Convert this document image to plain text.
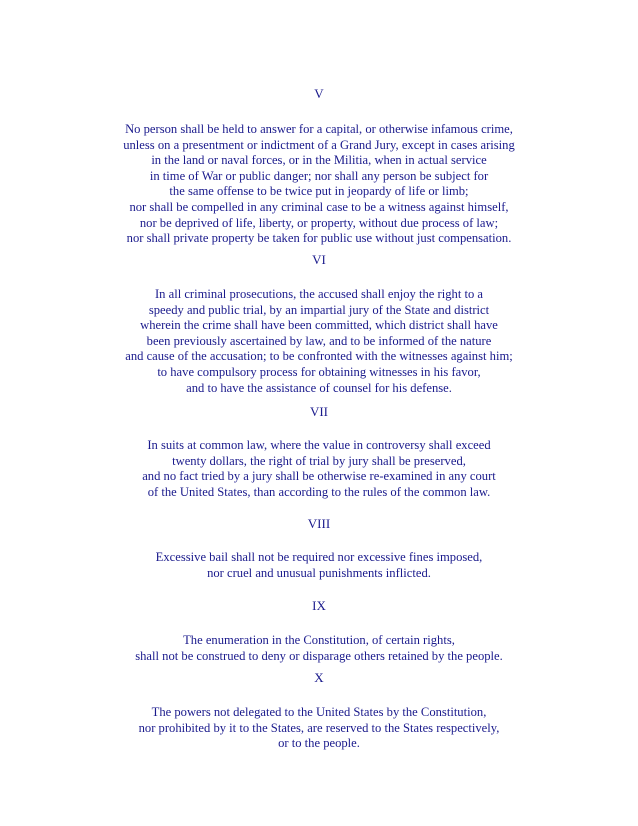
V

No person shall be held to answer for a capital, or otherwise infamous crime,
unless on a presentment or indictment of a Grand Jury, except in cases arising
in the land or naval forces, or in the Militia, when in actual service
in time of War or public danger; nor shall any person be subject for
the same offense to be twice put in jeopardy of life or limb;
nor shall be compelled in any criminal case to be a witness against himself,
nor be deprived of life, liberty, or property, without due process of law;
nor shall private property be taken for public use without just compensation.

VI

In all criminal prosecutions, the accused shall enjoy the right to a
speedy and public trial, by an impartial jury of the State and district
wherein the crime shall have been committed, which district shall have
been previously ascertained by law, and to be informed of the nature
and cause of the accusation; to be confronted with the witnesses against him;
to have compulsory process for obtaining witnesses in his favor,
and to have the assistance of counsel for his defense.

VII

In suits at common law, where the value in controversy shall exceed
twenty dollars, the right of trial by jury shall be preserved,
and no fact tried by a jury shall be otherwise re-examined in any court
of the United States, than according to the rules of the common law.

VIII

Excessive bail shall not be required nor excessive fines imposed,
nor cruel and unusual punishments inflicted.

IX

The enumeration in the Constitution, of certain rights,
shall not be construed to deny or disparage others retained by the people.

X

The powers not delegated to the United States by the Constitution,
nor prohibited by it to the States, are reserved to the States respectively,
or to the people.
